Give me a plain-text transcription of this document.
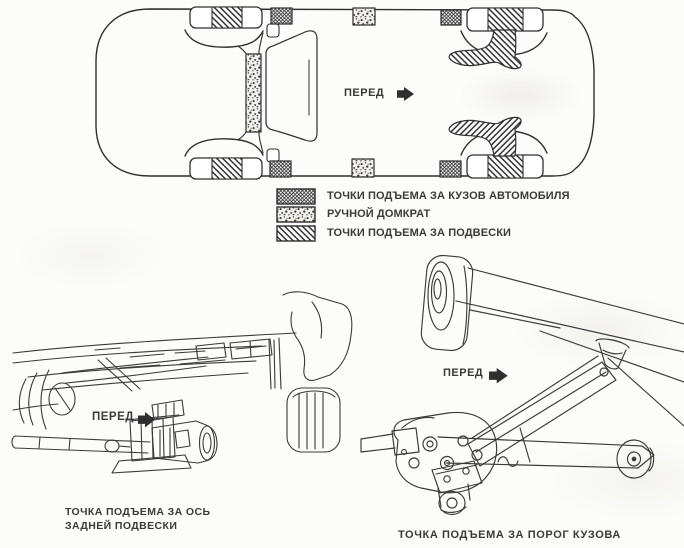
ПЕРЕД
ТОЧКИ ПОДЪЕМА ЗА КУЗОВ АВТОМОБИЛЯ
РУЧНОЙ ДОМКРАТ
ТОЧКИ ПОДЪЕМА ЗА ПОДВЕСКИ
ПЕРЕД
ТОЧКА ПОДЪЕМА ЗА ОСЬ
ЗАДНЕЙ ПОДВЕСКИ
ПЕРЕД
ТОЧКА ПОДЪЕМА ЗА ПОРОГ КУЗОВА
